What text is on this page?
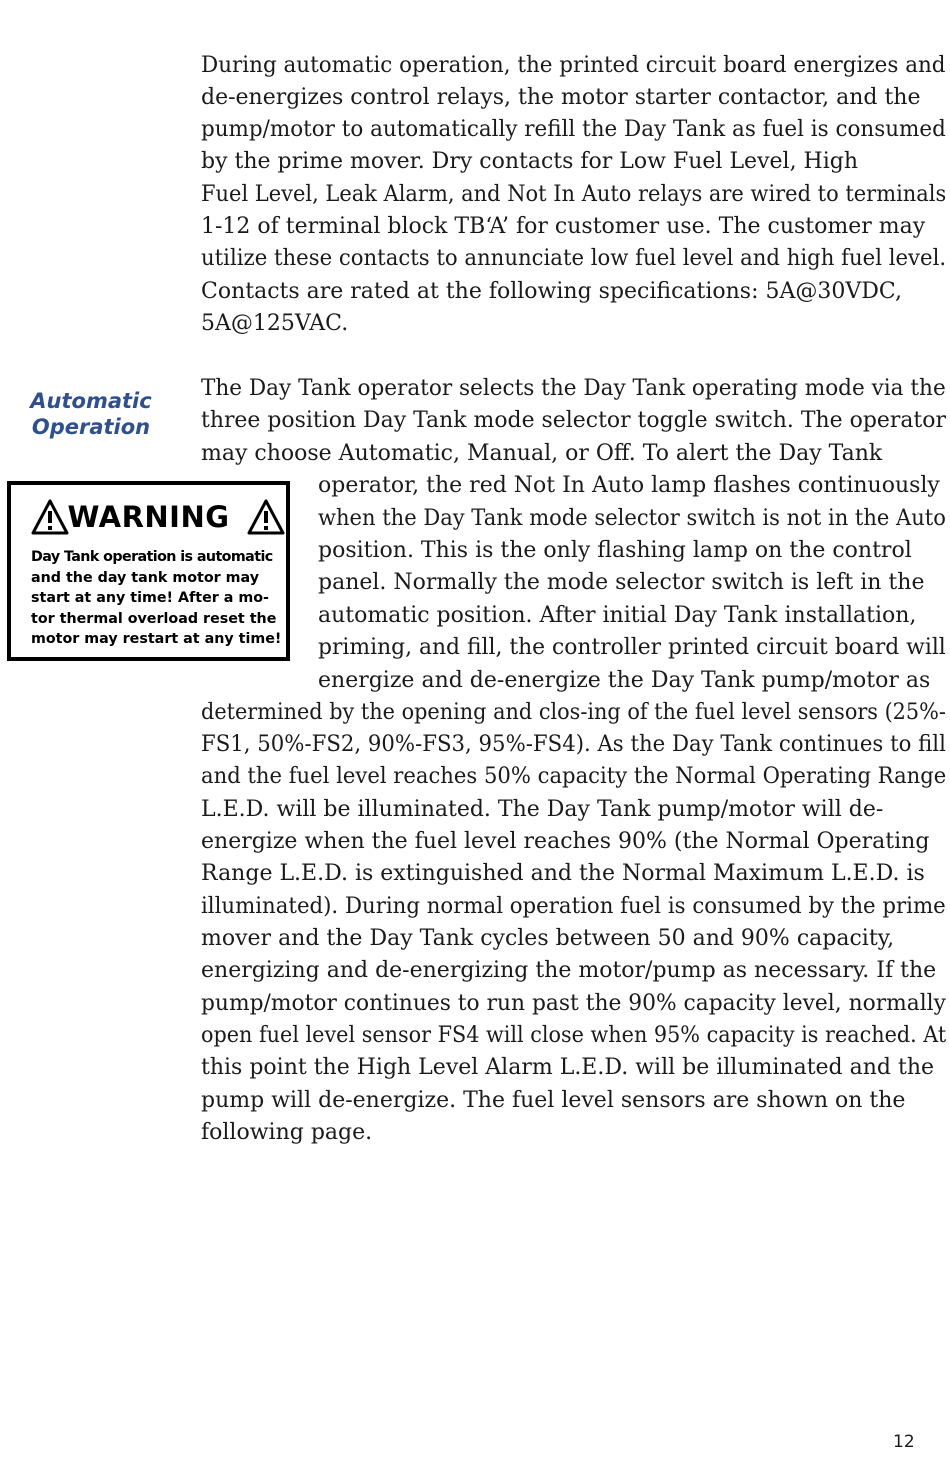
During automatic operation, the printed circuit board energizes and
de-energizes control relays, the motor starter contactor, and the
pump/motor to automatically refill the Day Tank as fuel is consumed
by the prime mover. Dry contacts for Low Fuel Level, High
Fuel Level, Leak Alarm, and Not In Auto relays are wired to terminals
1-12 of terminal block TB‘A’ for customer use. The customer may
utilize these contacts to annunciate low fuel level and high fuel level.
Contacts are rated at the following specifications: 5A@30VDC,
5A@125VAC.
Automatic
Operation
WARNING
Day Tank operation is automatic
and the day tank motor may
start at any time! After a mo-
tor thermal overload reset the
motor may restart at any time!
The Day Tank operator selects the Day Tank operating mode via the
three position Day Tank mode selector toggle switch. The operator
may choose Automatic, Manual, or Off. To alert the Day Tank
operator, the red Not In Auto lamp flashes continuously
when the Day Tank mode selector switch is not in the Auto
position. This is the only flashing lamp on the control
panel. Normally the mode selector switch is left in the
automatic position. After initial Day Tank installation,
priming, and fill, the controller printed circuit board will
energize and de-energize the Day Tank pump/motor as
determined by the opening and clos-ing of the fuel level sensors (25%-
FS1, 50%-FS2, 90%-FS3, 95%-FS4). As the Day Tank continues to fill
and the fuel level reaches 50% capacity the Normal Operating Range
L.E.D. will be illuminated. The Day Tank pump/motor will de-
energize when the fuel level reaches 90% (the Normal Operating
Range L.E.D. is extinguished and the Normal Maximum L.E.D. is
illuminated). During normal operation fuel is consumed by the prime
mover and the Day Tank cycles between 50 and 90% capacity,
energizing and de-energizing the motor/pump as necessary. If the
pump/motor continues to run past the 90% capacity level, normally
open fuel level sensor FS4 will close when 95% capacity is reached. At
this point the High Level Alarm L.E.D. will be illuminated and the
pump will de-energize. The fuel level sensors are shown on the
following page.
12
